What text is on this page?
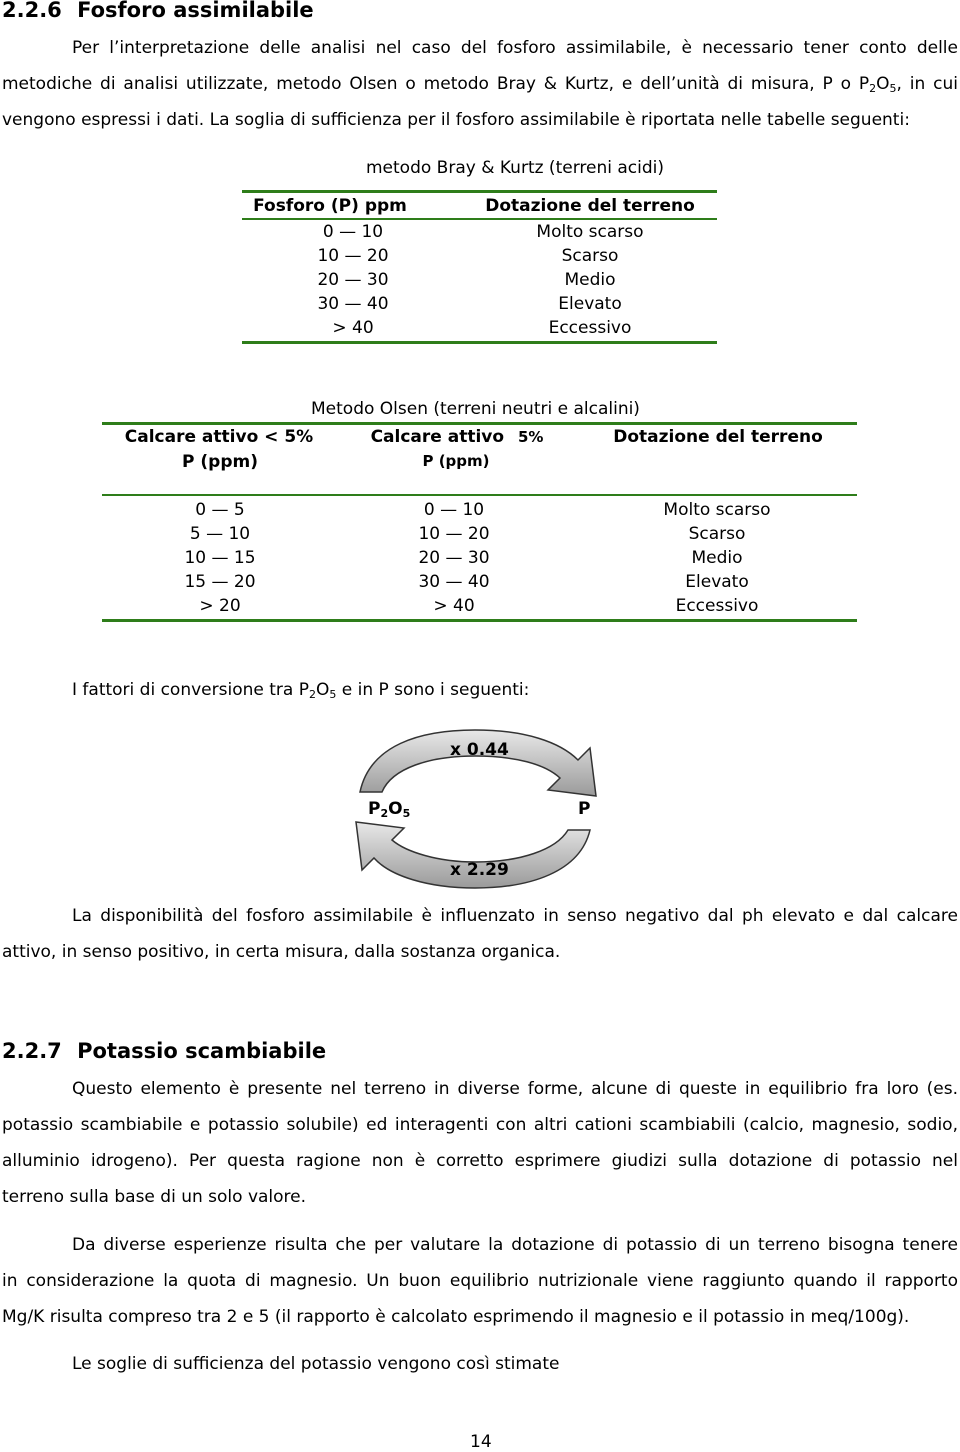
2.2.6 Fosforo assimilabile
Per l’interpretazione delle analisi nel caso del fosforo assimilabile, è necessario tener conto delle
metodiche di analisi utilizzate, metodo Olsen o metodo Bray & Kurtz, e dell’unità di misura, P o $P_2O_5$, in cui
vengono espressi i dati. La soglia di sufficienza per il fosforo assimilabile è riportata nelle tabelle seguenti:
metodo Bray & Kurtz (terreni acidi)
Fosforo (P) ppm	Dotazione del terreno
0 — 10	Molto scarso
10 — 20	Scarso
20 — 30	Medio
30 — 40	Elevato
> 40	Eccessivo
Metodo Olsen (terreni neutri e alcalini)
Calcare attivo < 5%	Calcare attivo 5%	Dotazione del terreno
P (ppm)	P (ppm)
0 — 5	0 — 10	Molto scarso
5 — 10	10 — 20	Scarso
10 — 15	20 — 30	Medio
15 — 20	30 — 40	Elevato
> 20	> 40	Eccessivo
I fattori di conversione tra $P_2O_5$ e in P sono i seguenti:
x 0.44
$P_2O_5$	P
x 2.29
La disponibilità del fosforo assimilabile è influenzato in senso negativo dal ph elevato e dal calcare
attivo, in senso positivo, in certa misura, dalla sostanza organica.
2.2.7 Potassio scambiabile
Questo elemento è presente nel terreno in diverse forme, alcune di queste in equilibrio fra loro (es.
potassio scambiabile e potassio solubile) ed interagenti con altri cationi scambiabili (calcio, magnesio, sodio,
alluminio idrogeno). Per questa ragione non è corretto esprimere giudizi sulla dotazione di potassio nel
terreno sulla base di un solo valore.
Da diverse esperienze risulta che per valutare la dotazione di potassio di un terreno bisogna tenere
in considerazione la quota di magnesio. Un buon equilibrio nutrizionale viene raggiunto quando il rapporto
Mg/K risulta compreso tra 2 e 5 (il rapporto è calcolato esprimendo il magnesio e il potassio in meq/100g).
Le soglie di sufficienza del potassio vengono così stimate
14
